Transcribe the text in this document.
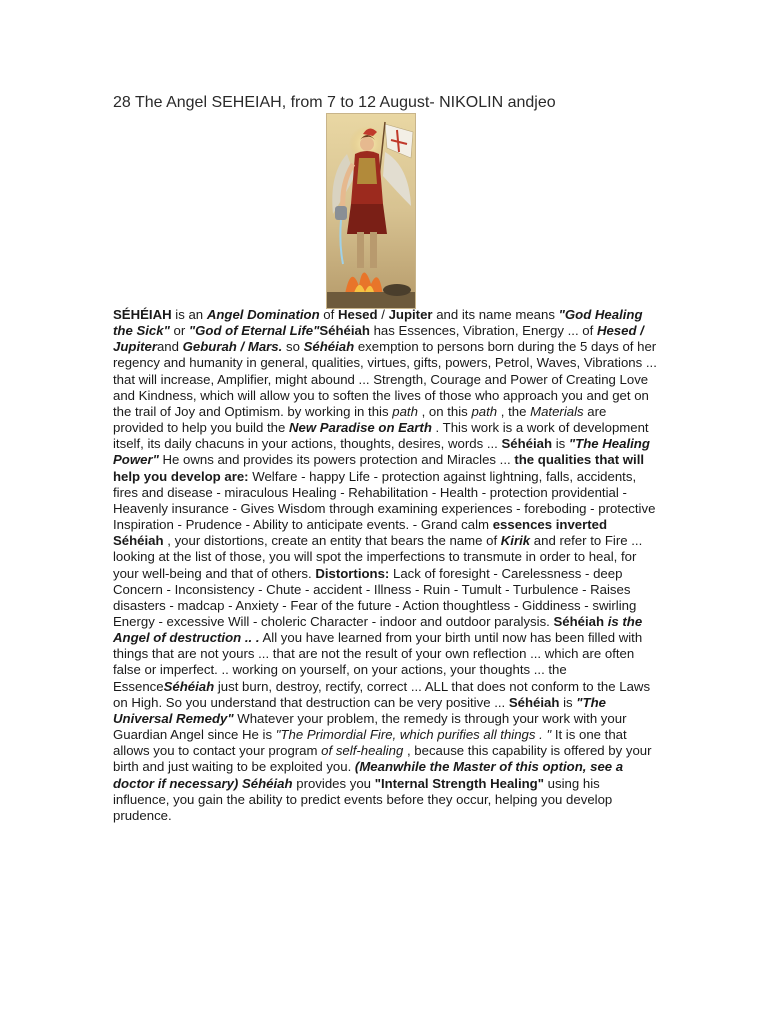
28 The Angel SEHEIAH, from 7 to 12 August- NIKOLIN andjeo

SÉHÉIAH is an Angel Domination of Hesed / Jupiter and its name means "God Healing the Sick" or "God of Eternal Life"Séhéiah has Essences, Vibration, Energy ... of Hesed / Jupiterand Geburah / Mars. so Séhéiah exemption to persons born during the 5 days of her regency and humanity in general, qualities, virtues, gifts, powers, Petrol, Waves, Vibrations ... that will increase, Amplifier, might abound ... Strength, Courage and Power of Creating Love and Kindness, which will allow you to soften the lives of those who approach you and get on the trail of Joy and Optimism. by working in this path , on this path , the Materials are provided to help you build the New Paradise on Earth . This work is a work of development itself, its daily chacuns in your actions, thoughts, desires, words ... Séhéiah is "The Healing Power" He owns and provides its powers protection and Miracles ... the qualities that will help you develop are: Welfare - happy Life - protection against lightning, falls, accidents, fires and disease - miraculous Healing - Rehabilitation - Health - protection providential - Heavenly insurance - Gives Wisdom through examining experiences - foreboding - protective Inspiration - Prudence - Ability to anticipate events. - Grand calm essences inverted Séhéiah , your distortions, create an entity that bears the name of Kirik and refer to Fire ... looking at the list of those, you will spot the imperfections to transmute in order to heal, for your well-being and that of others. Distortions: Lack of foresight - Carelessness - deep Concern - Inconsistency - Chute - accident - Illness - Ruin - Tumult - Turbulence - Raises disasters - madcap - Anxiety - Fear of the future - Action thoughtless - Giddiness - swirling Energy - excessive Will - choleric Character - indoor and outdoor paralysis. Séhéiah is the Angel of destruction .. . All you have learned from your birth until now has been filled with things that are not yours ... that are not the result of your own reflection ... which are often false or imperfect. .. working on yourself, on your actions, your thoughts ... the EssenceSéhéiah just burn, destroy, rectify, correct ... ALL that does not conform to the Laws on High. So you understand that destruction can be very positive ... Séhéiah is "The Universal Remedy" Whatever your problem, the remedy is through your work with your Guardian Angel since He is "The Primordial Fire, which purifies all things . " It is one that allows you to contact your program of self-healing , because this capability is offered by your birth and just waiting to be exploited you. (Meanwhile the Master of this option, see a doctor if necessary) Séhéiah provides you "Internal Strength Healing" using his influence, you gain the ability to predict events before they occur, helping you develop prudence.
